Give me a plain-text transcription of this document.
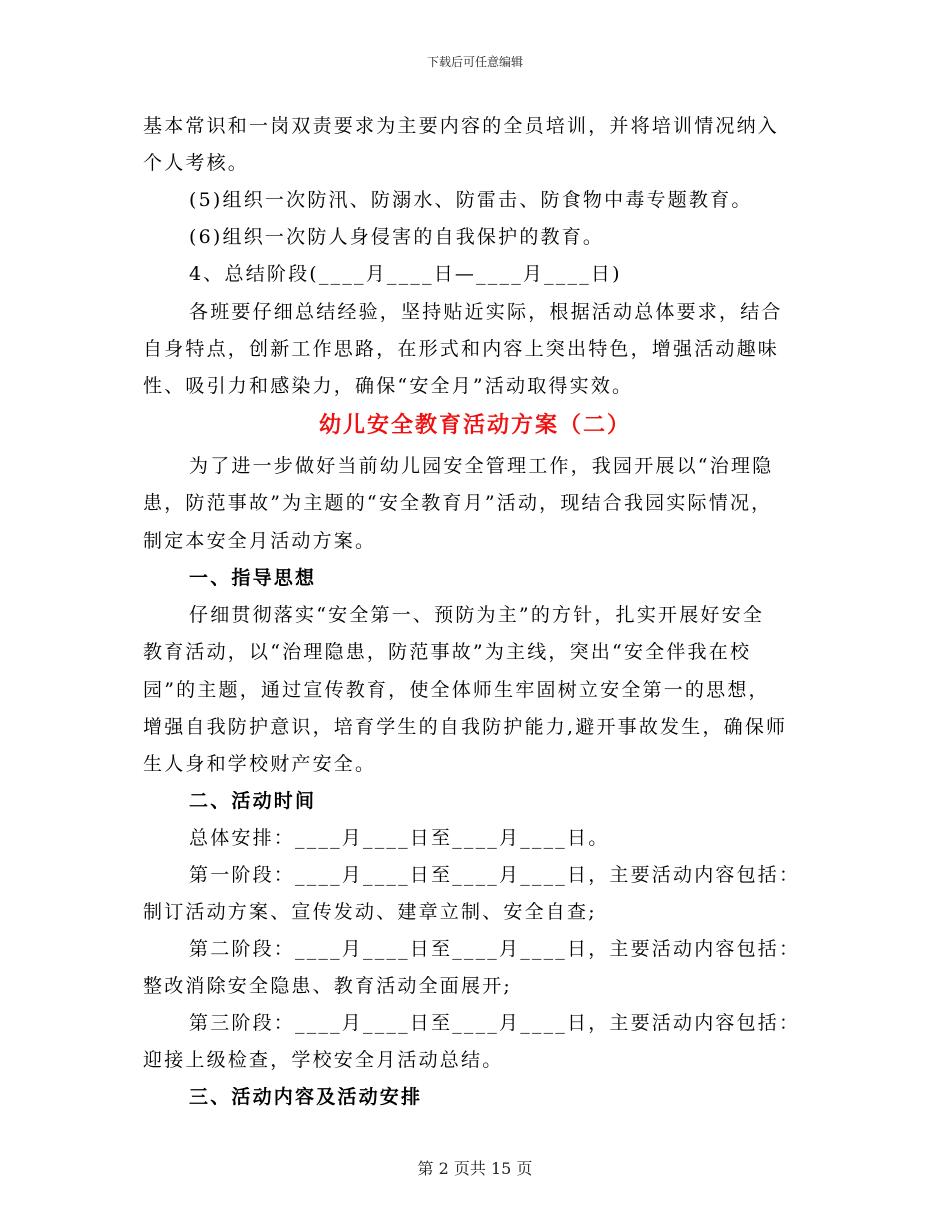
下载后可任意编辑
基本常识和一岗双责要求为主要内容的全员培训，并将培训情况纳入
个人考核。
(5)组织一次防汛、防溺水、防雷击、防食物中毒专题教育。
(6)组织一次防人身侵害的自我保护的教育。
4、总结阶段(____月____日—____月____日)
各班要仔细总结经验，坚持贴近实际，根据活动总体要求，结合
自身特点，创新工作思路，在形式和内容上突出特色，增强活动趣味
性、吸引力和感染力，确保“安全月”活动取得实效。
幼儿安全教育活动方案（二）
为了进一步做好当前幼儿园安全管理工作，我园开展以“治理隐
患，防范事故”为主题的“安全教育月”活动，现结合我园实际情况，
制定本安全月活动方案。
一、指导思想
仔细贯彻落实“安全第一、预防为主”的方针，扎实开展好安全
教育活动，以“治理隐患，防范事故”为主线，突出“安全伴我在校
园”的主题，通过宣传教育，使全体师生牢固树立安全第一的思想，
增强自我防护意识，培育学生的自我防护能力,避开事故发生，确保师
生人身和学校财产安全。
二、活动时间
总体安排：____月____日至____月____日。
第一阶段：____月____日至____月____日，主要活动内容包括：
制订活动方案、宣传发动、建章立制、安全自查;
第二阶段：____月____日至____月____日，主要活动内容包括：
整改消除安全隐患、教育活动全面展开;
第三阶段：____月____日至____月____日，主要活动内容包括：
迎接上级检查，学校安全月活动总结。
三、活动内容及活动安排
第 2 页共 15 页
